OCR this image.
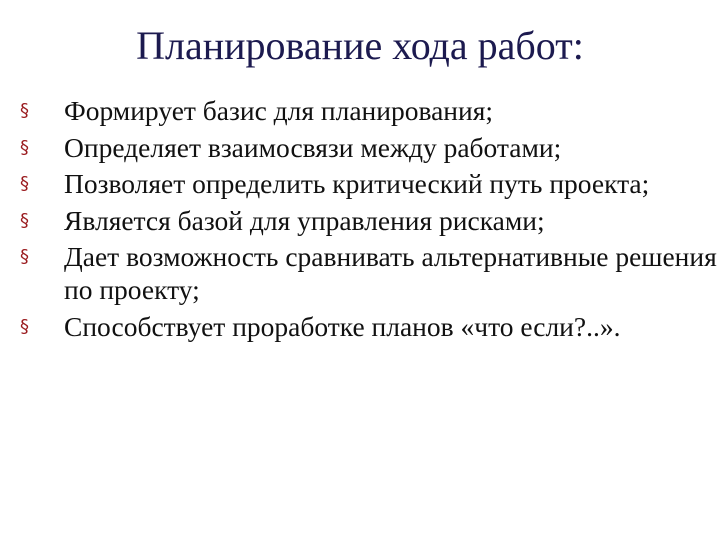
Планирование хода работ:
§	Формирует базис для планирования;
§	Определяет взаимосвязи между работами;
§	Позволяет определить критический путь проекта;
§	Является базой для управления рисками;
§	Дает возможность сравнивать альтернативные решения по проекту;
§	Способствует проработке планов «что если?..».
